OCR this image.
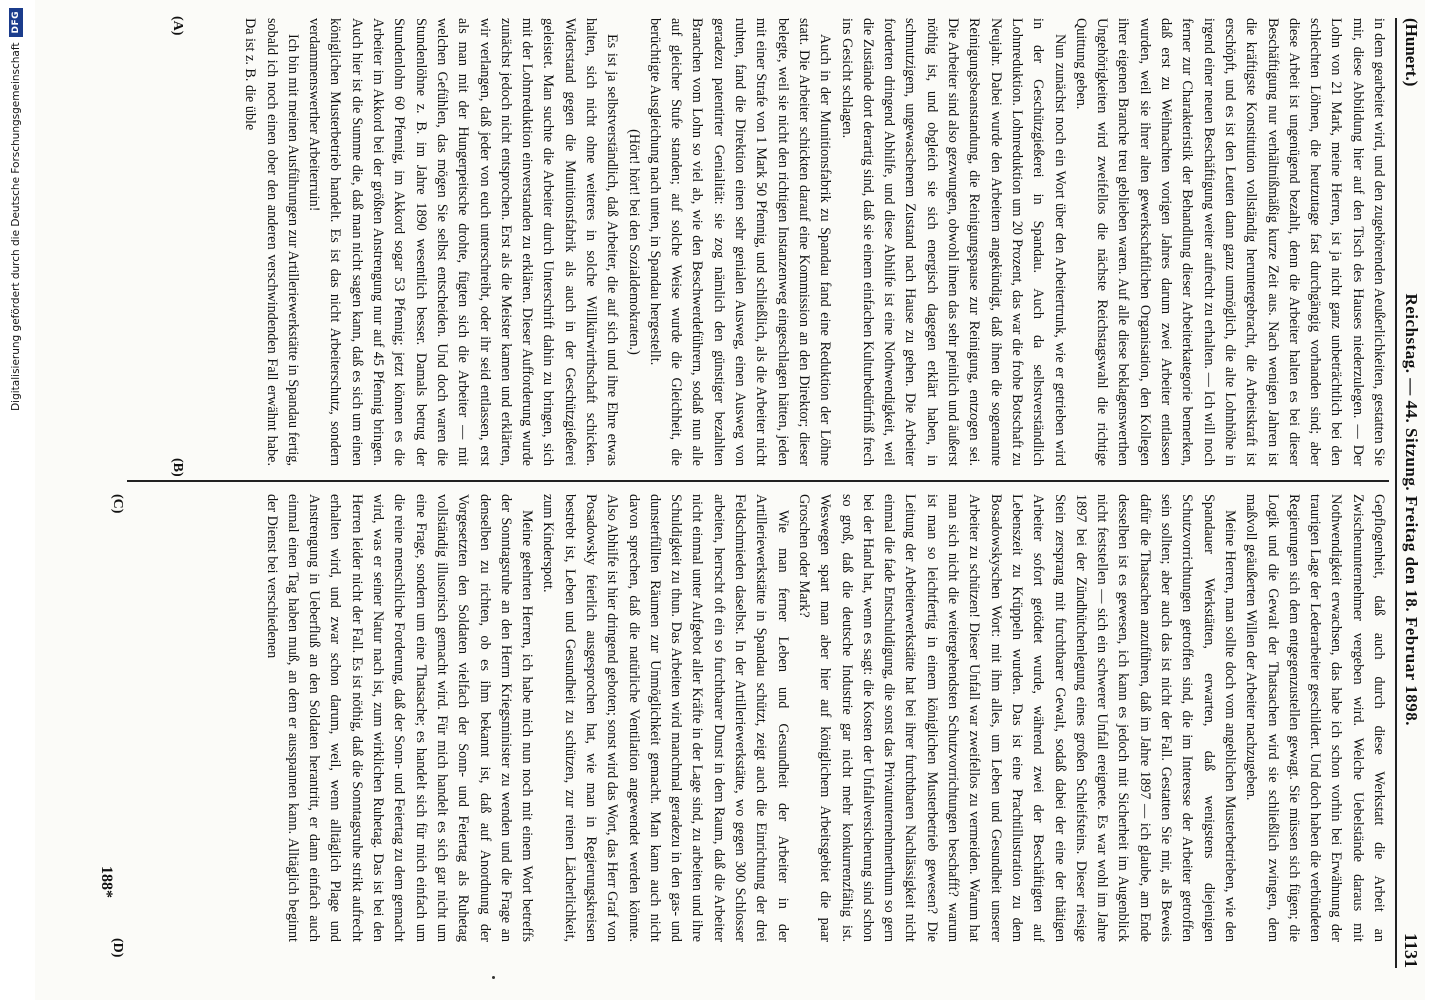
(Hunert.)
Reichstag. — 44. Sitzung. Freitag den 18. Februar 1898.
1131
(A)
(B)
(C)
(D)

in dem gearbeitet wird, und den zugehörenden Aeußerlichkeiten, gestatten Sie mir, diese Abbildung hier auf den Tisch des Hauses niederzulegen. — Der Lohn von 21 Mark, meine Herren, ist ja nicht ganz unbeträchtlich bei den schlechten Löhnen, die heutzutage fast durchgängig vorhanden sind; aber diese Arbeit ist ungenügend bezahlt, denn die Arbeiter halten es bei dieser Beschäftigung nur verhältnißmäßig kurze Zeit aus. Nach wenigen Jahren ist die kräftigste Konstitution vollständig heruntergebracht, die Arbeitskraft ist erschöpft, und es ist den Leuten dann ganz unmöglich, die alte Lohnhöhe in irgend einer neuen Beschäftigung weiter aufrecht zu erhalten. — Ich will noch ferner zur Charakteristik der Behandlung dieser Arbeiterkategorie bemerken, daß erst zu Weihnachten vorigen Jahres darum zwei Arbeiter entlassen wurden, weil sie ihrer alten gewerkschaftlichen Organisation, den Kollegen ihrer eigenen Branche treu geblieben waren. Auf alle diese beklagenswerthen Ungehörigkeiten wird zweifellos die nächste Reichstagswahl die richtige Quittung geben.

Nun zunächst noch ein Wort über den Arbeitertrunk, wie er getrieben wird in der Geschützgießerei in Spandau. Auch da selbstverständlich Lohnreduktion. Lohnreduktion um 20 Prozent, das war die frohe Botschaft zu Neujahr. Dabei wurde den Arbeitern angekündigt, daß ihnen die sogenannte Reinigungsbeanstandung, die Reinigungspause zur Reinigung, entzogen sei. Die Arbeiter sind also gezwungen, obwohl ihnen das sehr peinlich und äußerst nöthig ist, und obgleich sie sich energisch dagegen erklärt haben, in schmutzigem, ungewaschenem Zustand nach Hause zu gehen. Die Arbeiter forderten dringend Abhilfe, und diese Abhilfe ist eine Nothwendigkeit, weil die Zustände dort derartig sind, daß sie einem einfachen Kulturbedürfniß frech ins Gesicht schlagen.

Auch in der Munitionsfabrik zu Spandau fand eine Reduktion der Löhne statt. Die Arbeiter schickten darauf eine Kommission an den Direktor; dieser belegte, weil sie nicht den richtigen Instanzenweg eingeschlagen hätten, jeden mit einer Strafe von 1 Mark 50 Pfennig, und schließlich, als die Arbeiter nicht ruhten, fand die Direktion einen sehr genialen Ausweg, einen Ausweg von geradezu patentirter Genialität: sie zog nämlich den günstiger bezahlten Branchen vom Lohn so viel ab, wie den Beschwerdeführern, sodaß nun alle auf gleicher Stufe standen; auf solche Weise wurde die Gleichheit, die berüchtigte Ausgleichung nach unten, in Spandau hergestellt.

(Hört! hört! bei den Sozialdemokraten.)

Es ist ja selbstverständlich, daß Arbeiter, die auf sich und ihre Ehre etwas halten, sich nicht ohne weiteres in solche Willkürwirthschaft schicken. Widerstand gegen die Munitionsfabrik als auch in der Geschützgießerei geleistet. Man suchte die Arbeiter durch Unterschrift dahin zu bringen, sich mit der Lohnreduktion einverstanden zu erklären. Dieser Aufforderung wurde zunächst jedoch nicht entsprochen. Erst als die Meister kamen und erklärten, wir verlangen, daß jeder von euch unterschreibt, oder ihr seid entlassen, erst als man mit der Hungerpeitsche drohte, fügten sich die Arbeiter — mit welchen Gefühlen, das mögen Sie selbst entscheiden. Und doch waren die Stundenlöhne z. B. im Jahre 1890 wesentlich besser. Damals betrug der Stundenlohn 60 Pfennig, im Akkord sogar 53 Pfennig; jetzt können es die Arbeiter im Akkord bei der größten Anstrengung nur auf 45 Pfennig bringen. Auch hier ist die Summe die, daß man nicht sagen kann, daß es sich um einen königlichen Musterbetrieb handelt. Es ist das nicht Arbeiterschutz, sondern verdammenswerther Arbeiterruin!

Ich bin mit meinen Ausführungen zur Artilleriewerkstätte in Spandau fertig, sobald ich noch einen ober den anderen verschwindenden Fall erwähnt habe. Da ist z. B. die üble

Gepflogenheit, daß auch durch diese Werkstatt die Arbeit an Zwischenunternehmer vergeben wird. Welche Uebelstände daraus mit Nothwendigkeit erwachsen, das habe ich schon vorhin bei Erwähnung der traurigen Lage der Lederarbeiter geschildert. Und doch haben die verbündeten Regierungen sich dem entgegenzustellen gewagt. Sie müssen sich fügen; die Logik und die Gewalt der Thatsachen wird sie schließlich zwingen, dem maßvoll geäußerten Willen der Arbeiter nachzugeben.

Meine Herren, man sollte doch vom angeblichen Musterbetrieben, wie den Spandauer Werkstätten, erwarten, daß wenigstens diejenigen Schutzvorrichtungen getroffen sind, die im Interesse der Arbeiter getroffen sein sollten; aber auch das ist nicht der Fall. Gestatten Sie mir, als Beweis dafür die Thatsachen anzuführen, daß im Jahre 1897 — ich glaube, am Ende desselben ist es gewesen, ich kann es jedoch mit Sicherheit im Augenblick nicht feststellen — sich ein schwerer Unfall ereignete. Es war wohl im Jahre 1897 bei der Zündhütchenlegung eines großen Schleifsteins. Dieser riesige Stein zersprang mit furchtbarer Gewalt, sodaß dabei der eine der thätigen Arbeiter sofort getödtet wurde, während zwei der Beschäftigten auf Lebenszeit zu Krüppeln wurden. Das ist eine Prachtillustration zu dem Bosadowskyschen Wort: mit ihm alles, um Leben und Gesundheit unserer Arbeiter zu schützen! Dieser Unfall war zweifellos zu vermeiden. Warum hat man sich nicht die weitergehendsten Schutzvorrichtungen beschafft? warum ist man so leichtfertig in einem königlichen Musterbetrieb gewesen? Die Leitung der Arbeiterwerkstätte hat bei ihrer furchtbaren Nachlässigkeit nicht einmal die fade Entschuldigung, die sonst das Privatunternehmerthum so gern bei der Hand hat, wenn es sagt: die Kosten der Unfallversicherung sind schon so groß, daß die deutsche Industrie gar nicht mehr konkurrenzfähig ist. Weswegen spart man aber hier auf königlichem Arbeitsgebiet die paar Groschen oder Mark?

Wie man ferner Leben und Gesundheit der Arbeiter in der Artilleriewerkstätte in Spandau schützt, zeigt auch die Einrichtung der drei Feldschmieden daselbst. In der Artilleriewerkstätte, wo gegen 300 Schlosser arbeiten, herrscht oft ein so furchtbarer Dunst in dem Raum, daß die Arbeiter nicht einmal unter Aufgebot aller Kräfte in der Lage sind, zu arbeiten und ihre Schuldigkeit zu thun. Das Arbeiten wird manchmal geradezu in den gas- und dunsterfüllten Räumen zur Unmöglichkeit gemacht. Man kann auch nicht davon sprechen, daß die natürliche Ventilation angewendet werden könnte. Also Abhilfe ist hier dringend geboten; sonst wird das Wort, das Herr Graf von Posadowsky feierlich ausgesprochen hat, wie man in Regierungskreisen bestrebt ist, Leben und Gesundheit zu schützen, zur reinen Lächerlichkeit, zum Kinderspott.

Meine geehrten Herren, ich habe mich nun noch mit einem Wort betreffs der Sonntagsruhe an den Herrn Kriegsminister zu wenden und die Frage an denselben zu richten, ob es ihm bekannt ist, daß auf Anordnung der Vorgesetzten den Soldaten vielfach der Sonn- und Feiertag als Ruhetag vollständig illusorisch gemacht wird. Für mich handelt es sich gar nicht um eine Frage, sondern um eine Thatsache; es handelt sich für mich einfach um die reine menschliche Forderung, daß der Sonn- und Feiertag zu dem gemacht wird, was er seiner Natur nach ist, zum wirklichen Ruhetag. Das ist bei den Herren leider nicht der Fall. Es ist nöthig, daß die Sonntagsruhe strikt aufrecht erhalten wird, und zwar schon darum, weil, wenn alltäglich Plage und Anstrengung in Ueberfluß an den Soldaten herantritt, er dann einfach auch einmal einen Tag haben muß, an dem er ausspannen kann. Alltäglich beginnt der Dienst bei verschiedenen

188*
Digitalisierung gefördert durch die Deutsche Forschungsgemeinschaft
DFG
